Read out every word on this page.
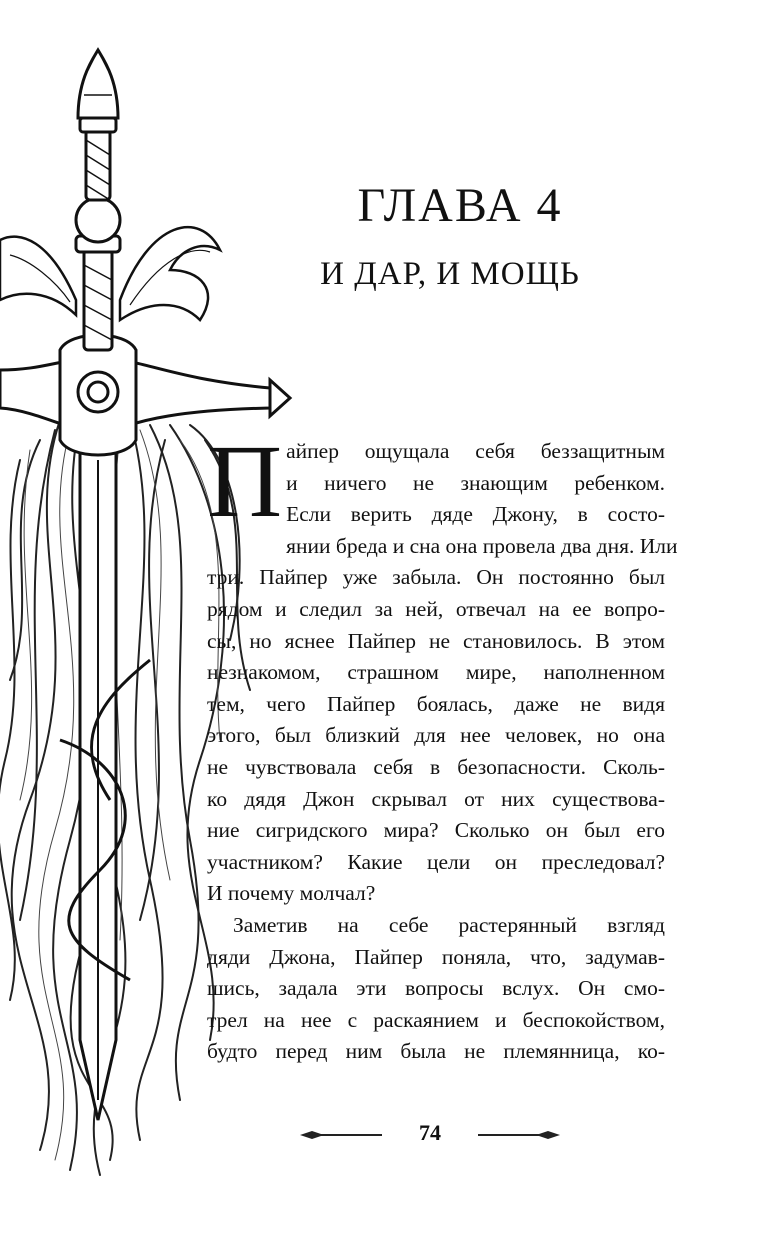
ГЛАВА 4
И ДАР, И МОЩЬ
П айпер ощущала себя беззащитным
и ничего не знающим ребенком.
Если верить дяде Джону, в состо-
янии бреда и сна она провела два дня. Или
три. Пайпер уже забыла. Он постоянно был
рядом и следил за ней, отвечал на ее вопро-
сы, но яснее Пайпер не становилось. В этом
незнакомом, страшном мире, наполненном
тем, чего Пайпер боялась, даже не видя
этого, был близкий для нее человек, но она
не чувствовала себя в безопасности. Сколь-
ко дядя Джон скрывал от них существова-
ние сигридского мира? Сколько он был его
участником? Какие цели он преследовал?
И почему молчал?
Заметив на себе растерянный взгляд
дяди Джона, Пайпер поняла, что, задумав-
шись, задала эти вопросы вслух. Он смо-
трел на нее с раскаянием и беспокойством,
будто перед ним была не племянница, ко-
74
